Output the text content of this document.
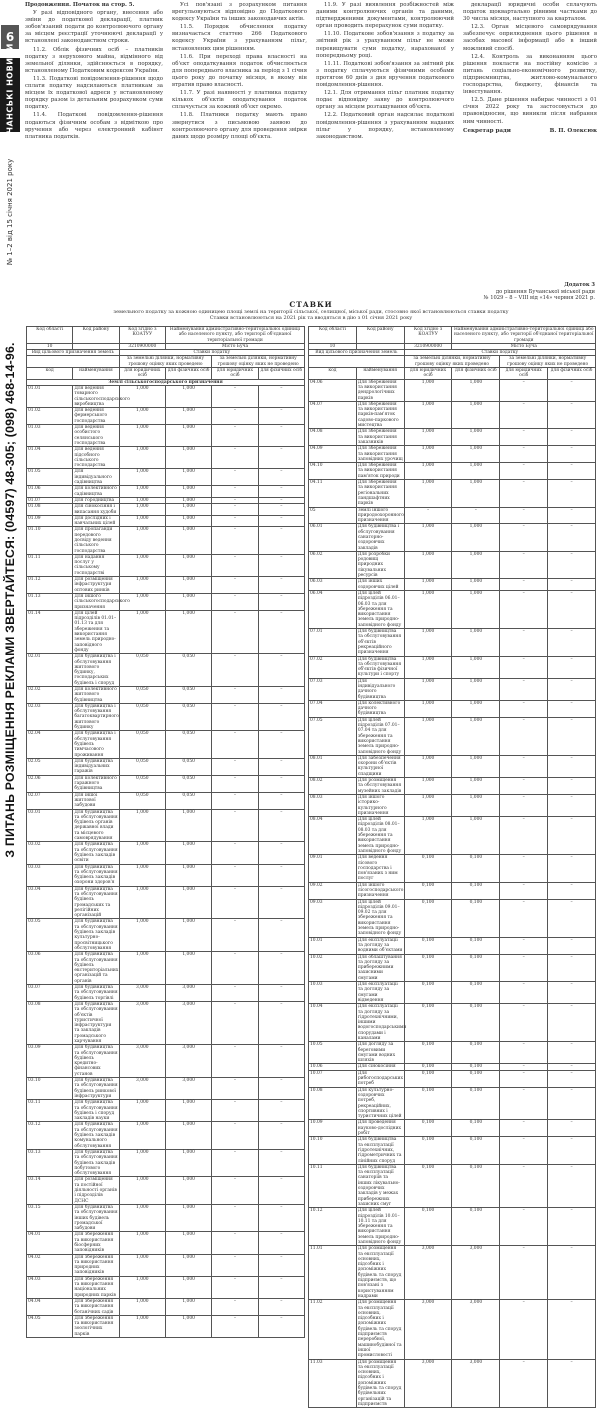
6
БУЧАНСЬКІ НОВИНИ
№ 1–2 від 15 січня 2021 року
З ПИТАНЬ РОЗМІЩЕННЯ РЕКЛАМИ ЗВЕРТАЙТЕСЯ: (04597) 48-305; (098) 468-14-96.

Продовження. Початок на стор. 5.

У разі відповідного органу, внесення або зміни до податкової декларації, платник зобов'язаний подати до контролюючого органу за місцем реєстрації уточнюючі декларації у встановлені законодавством строки.

11.2. Облік фізичних осіб – платників податку з нерухомого майна, відмінного від земельної ділянки, здійснюється в порядку, встановленому Податковим кодексом України.

11.3. Податкові повідомлення-рішення щодо сплати податку надсилаються платникам за місцем їх податкової адреси у встановленому порядку разом із детальним розрахунком суми податку.

11.4. Податкові повідомлення-рішення подаються фізичним особам з відміткою про вручення або через електронний кабінет платника податків.

Усі пов'язані з розрахунком питання врегульовуються відповідно до Податкового кодексу України та інших законодавчих актів.

11.5. Порядок обчислення податку визначається статтею 266 Податкового кодексу України з урахуванням пільг, встановлених цим рішенням.

11.6. При переході права власності на об'єкт оподаткування податок обчислюється для попереднього власника за період з 1 січня цього року до початку місяця, в якому він втратив право власності.

11.7. У разі наявності у платника податку кількох об'єктів оподаткування податок сплачується за кожний об'єкт окремо.

11.8. Платники податку мають право звернутися з письмовою заявою до контролюючого органу для проведення звірки даних щодо розміру площі об'єкта.

11.9. У разі виявлення розбіжностей між даними контролюючих органів та даними, підтвердженими документами, контролюючий орган проводить перерахунок суми податку.

11.10. Податкове зобов'язання з податку за звітний рік з урахуванням пільг не може перевищувати суми податку, нарахованої у попередньому році.

11.11. Податкові зобов'язання за звітний рік з податку сплачуються фізичними особами протягом 60 днів з дня вручення податкового повідомлення-рішення.

12.1. Для отримання пільг платник податку подає відповідну заяву до контролюючого органу за місцем розташування об'єкта.

12.2. Податковий орган надсилає податкові повідомлення-рішення з урахуванням наданих пільг у порядку, встановленому законодавством.

декларації юридичні особи сплачують податок щоквартально рівними частками до 30 числа місяця, наступного за кварталом.

12.3. Орган місцевого самоврядування забезпечує оприлюднення цього рішення в засобах масової інформації або в інший можливий спосіб.

12.4. Контроль за виконанням цього рішення покласти на постійну комісію з питань соціально-економічного розвитку, підприємництва, житлово-комунального господарства, бюджету, фінансів та інвестування.

12.5. Дане рішення набирає чинності з 01 січня 2022 року та застосовується до правовідносин, що виникли після набрання ним чинності.

Секретар ради	В. П. Олексюк
Додаток 3
до рішення Бучанської міської ради
№ 1029 – 8 – VIII від «14» червня 2021 р.
СТАВКИ
земельного податку за кожною одиницею площі землі на території сільської, селищної, міської ради, стосовно якої встановлюються ставки податку
Ставки встановлюються на 2021 рік та вводяться в дію з 01 січня 2021 року
Код області	Код району	Код згідно з КОАТУУ	Найменування адміністративно-територіальної одиниці або населеного пункту, або території об'єднаної територіальної громади		
10		3210900000	Місто Буча		
Вид цільового призначення земель		Ставки податку			
		за земельні ділянки, нормативну грошову оцінку яких проведено		за земельні ділянки, нормативну грошову оцінку яких не проведено	
код	найменування	для юридичних осіб	для фізичних осіб	для юридичних осіб	для фізичних осіб
Землі сільськогосподарського призначення					
01.01	Для ведення товарного сільськогосподарського виробництва	1,000	1,000	–	–
01.02	Для ведення фермерського господарства	1,000	1,000	–	–
01.03	Для ведення особистого селянського господарства	1,000	1,000	–	–
01.04	Для ведення підсобного сільського господарства	1,000	1,000	–	–
01.05	Для індивідуального садівництва	1,000	1,000	–	–
01.06	Для колективного садівництва	1,000	1,000	–	–
01.07	Для городництва	1,000	1,000	–	–
01.08	Для сінокосіння і випасання худоби	1,000	1,000	–	–
01.09	Для дослідних і навчальних цілей	1,000	1,000	–	–
01.10	Для пропаганди передового досвіду ведення сільського господарства	1,000	1,000	–	–
01.11	Для надання послуг у сільському господарстві	1,000	1,000	–	–
01.12	Для розміщення інфраструктури оптових ринків	1,000	1,000	–	–
01.13	Для іншого сільськогосподарського призначення	1,000	1,000	–	–
01.14	Для цілей підрозділів 01.01–01.13 та для збереження та використання земель природно-заповідного фонду	1,000	1,000	–	–
02.01	Для будівництва і обслуговування житлового будинку, господарських будівель і споруд	0,050	0,050	–	–
02.02	Для колективного житлового будівництва	0,050	0,050	–	–
02.03	Для будівництва і обслуговування багатоквартирного житлового будинку	0,050	0,050	–	–
02.04	Для будівництва і обслуговування будівель тимчасового проживання	0,050	0,050	–	–
02.05	Для будівництва індивідуальних гаражів	0,050	0,050	–	–
02.06	Для колективного гаражного будівництва	0,050	0,050	–	–
02.07	Для іншої житлової забудови	0,050	0,050	–	–
03.01	Для будівництва та обслуговування будівель органів державної влади та місцевого самоврядування	1,000	1,000	–	–
03.02	Для будівництва та обслуговування будівель закладів освіти	1,000	1,000	–	–
03.03	Для будівництва та обслуговування будівель закладів охорони здоров'я	1,000	1,000	–	–
03.04	Для будівництва та обслуговування будівель громадських та релігійних організацій	1,000	1,000	–	–
03.05	Для будівництва та обслуговування будівель закладів культурно-просвітницького обслуговування	1,000	1,000	–	–
03.06	Для будівництва та обслуговування будівель екстериторіальних організацій та органів	1,000	1,000	–	–
03.07	Для будівництва та обслуговування будівель торгівлі	3,000	3,000	–	–
03.08	Для будівництва та обслуговування об'єктів туристичної інфраструктури та закладів громадського харчування	3,000	3,000	–	–
03.09	Для будівництва та обслуговування будівель кредитно-фінансових установ	3,000	3,000	–	–
03.10	Для будівництва та обслуговування будівель ринкової інфраструктури	3,000	3,000	–	–
03.11	Для будівництва та обслуговування будівель і споруд закладів науки	1,000	1,000	–	–
03.12	Для будівництва та обслуговування будівель закладів комунального обслуговування	1,000	1,000	–	–
03.13	Для будівництва та обслуговування будівель закладів побутового обслуговування	1,000	1,000	–	–
03.14	Для розміщення та постійної діяльності органів і підрозділів ДСНС	1,000	1,000	–	–
03.15	Для будівництва та обслуговування інших будівель громадської забудови	1,000	1,000	–	–
04.01	Для збереження та використання біосферних заповідників	1,000	1,000	–	–
04.02	Для збереження та використання природних заповідників	1,000	1,000	–	–
04.03	Для збереження та використання національних природних парків	1,000	1,000	–	–
04.04	Для збереження та використання ботанічних садів	1,000	1,000	–	–
04.05	Для збереження та використання зоологічних парків	1,000	1,000	–	–
Код області	Код району	Код згідно з КОАТУУ	Найменування адміністративно-територіальної одиниці або населеного пункту, або території об'єднаної територіальної громади		
10		3210900000	Місто Буча		
Вид цільового призначення земель		Ставки податку			
		за земельні ділянки, нормативну грошову оцінку яких проведено		за земельні ділянки, нормативну грошову оцінку яких не проведено	
код	найменування	для юридичних осіб	для фізичних осіб	для юридичних осіб	для фізичних осіб
04.06	Для збереження та використання дендрологічних парків	1,000	1,000	–	–
04.07	Для збереження та використання парків-пам'яток садово-паркового мистецтва	1,000	1,000	–	–
04.08	Для збереження та використання заказників	1,000	1,000	–	–
04.09	Для збереження та використання заповідних урочищ	1,000	1,000	–	–
04.10	Для збереження та використання пам'яток природи	1,000	1,000	–	–
04.11	Для збереження та використання регіональних ландшафтних парків	1,000	1,000	–	–
05	Землі іншого природоохоронного призначення	–	–	–	–
06.01	Для будівництва і обслуговування санаторно-оздоровчих закладів	1,000	1,000	–	–
06.02	Для розробки родовищ природних лікувальних ресурсів	1,000	1,000	–	–
06.03	Для інших оздоровчих цілей	1,000	1,000	–	–
06.04	Для цілей підрозділів 06.01–06.03 та для збереження та використання земель природно-заповідного фонду	1,000	1,000	–	–
07.01	Для будівництва та обслуговування об'єктів рекреаційного призначення	1,000	1,000	–	–
07.02	Для будівництва та обслуговування об'єктів фізичної культури і спорту	1,000	1,000	–	–
07.03	Для індивідуального дачного будівництва	1,000	1,000	–	–
07.04	Для колективного дачного будівництва	1,000	1,000	–	–
07.05	Для цілей підрозділів 07.01–07.04 та для збереження та використання земель природно-заповідного фонду	1,000	1,000	–	–
08.01	Для забезпечення охорони об'єктів культурної спадщини	1,000	1,000	–	–
08.02	Для розміщення та обслуговування музейних закладів	1,000	1,000	–	–
08.03	Для іншого історико-культурного призначення	1,000	1,000	–	–
08.04	Для цілей підрозділів 08.01–08.03 та для збереження та використання земель природно-заповідного фонду	1,000	1,000	–	–
09.01	Для ведення лісового господарства і пов'язаних з ним послуг	0,100	0,100	–	–
09.02	Для іншого лісогосподарського призначення	0,100	0,100	–	–
09.03	Для цілей підрозділів 09.01–09.02 та для збереження та використання земель природно-заповідного фонду	0,100	0,100	–	–
10.01	Для експлуатації та догляду за водними об'єктами	0,100	0,100	–	–
10.02	Для облаштування та догляду за прибережними захисними смугами	0,100	0,100	–	–
10.03	Для експлуатації та догляду за смугами відведення	0,100	0,100	–	–
10.04	Для експлуатації та догляду за гідротехнічними, іншими водогосподарськими спорудами і каналами	0,100	0,100	–	–
10.05	Для догляду за береговими смугами водних шляхів	0,100	0,100	–	–
10.06	Для сінокосіння	0,100	0,100	–	–
10.07	Для рибогосподарських потреб	0,100	0,100	–	–
10.08	Для культурно-оздоровчих потреб, рекреаційних, спортивних і туристичних цілей	0,100	0,100	–	–
10.09	Для проведення науково-дослідних робіт	0,100	0,100	–	–
10.10	Для будівництва та експлуатації гідротехнічних, гідрометричних та лінійних споруд	0,100	0,100	–	–
10.11	Для будівництва та експлуатації санаторіїв та інших лікувально-оздоровчих закладів у межах прибережних захисних смуг	0,100	0,100	–	–
10.12	Для цілей підрозділів 10.01–10.11 та для збереження та використання земель природно-заповідного фонду	0,100	0,100	–	–
11.01	Для розміщення та експлуатації основних, підсобних і допоміжних будівель та споруд підприємств, що пов'язані з користуванням надрами	3,000	3,000	–	–
11.02	Для розміщення та експлуатації основних, підсобних і допоміжних будівель та споруд підприємств переробної, машинобудівної та іншої промисловості	3,000	3,000	–	–
11.03	Для розміщення та експлуатації основних, підсобних і допоміжних будівель та споруд будівельних організацій та підприємств	3,000	3,000	–	–
